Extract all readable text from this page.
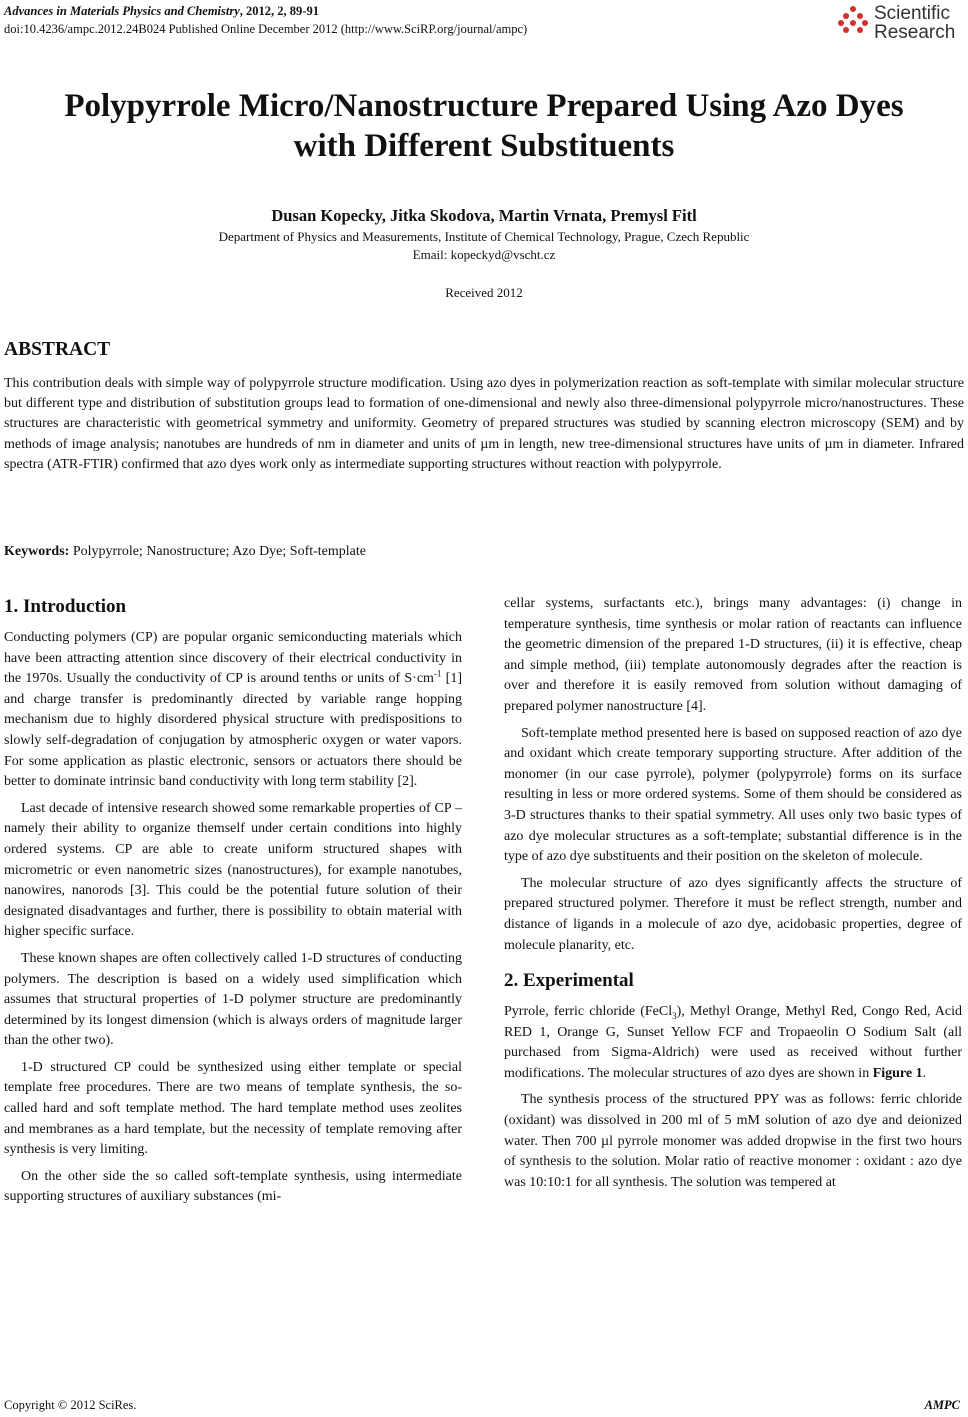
Advances in Materials Physics and Chemistry, 2012, 2, 89-91
doi:10.4236/ampc.2012.24B024 Published Online December 2012 (http://www.SciRP.org/journal/ampc)
Scientific
Research
Polypyrrole Micro/Nanostructure Prepared Using Azo Dyes
with Different Substituents
Dusan Kopecky, Jitka Skodova, Martin Vrnata, Premysl Fitl
Department of Physics and Measurements, Institute of Chemical Technology, Prague, Czech Republic
Email: kopeckyd@vscht.cz
Received 2012
ABSTRACT
This contribution deals with simple way of polypyrrole structure modification. Using azo dyes in polymerization reaction as soft-template with similar molecular structure but different type and distribution of substitution groups lead to formation of one-dimensional and newly also three-dimensional polypyrrole micro/nanostructures. These structures are characteristic with geometrical symmetry and uniformity. Geometry of prepared structures was studied by scanning electron microscopy (SEM) and by methods of image analysis; nanotubes are hundreds of nm in diameter and units of µm in length, new tree-dimensional structures have units of µm in diameter. Infrared spectra (ATR-FTIR) confirmed that azo dyes work only as intermediate supporting structures without reaction with polypyrrole.
Keywords: Polypyrrole; Nanostructure; Azo Dye; Soft-template
1. Introduction

Conducting polymers (CP) are popular organic semiconducting materials which have been attracting attention since discovery of their electrical conductivity in the 1970s. Usually the conductivity of CP is around tenths or units of $S\cdot cm^{-1}$ [1] and charge transfer is predominantly directed by variable range hopping mechanism due to highly disordered physical structure with predispositions to slowly self-degradation of conjugation by atmospheric oxygen or water vapors. For some application as plastic electronic, sensors or actuators there should be better to dominate intrinsic band conductivity with long term stability [2].

Last decade of intensive research showed some remarkable properties of CP – namely their ability to organize themself under certain conditions into highly ordered systems. CP are able to create uniform structured shapes with micrometric or even nanometric sizes (nanostructures), for example nanotubes, nanowires, nanorods [3]. This could be the potential future solution of their designated disadvantages and further, there is possibility to obtain material with higher specific surface.

These known shapes are often collectively called 1-D structures of conducting polymers. The description is based on a widely used simplification which assumes that structural properties of 1-D polymer structure are predominantly determined by its longest dimension (which is always orders of magnitude larger than the other two).

1-D structured CP could be synthesized using either template or special template free procedures. There are two means of template synthesis, the so-called hard and soft template method. The hard template method uses zeolites and membranes as a hard template, but the necessity of template removing after synthesis is very limiting.

On the other side the so called soft-template synthesis, using intermediate supporting structures of auxiliary substances (mi-

cellar systems, surfactants etc.), brings many advantages: (i) change in temperature synthesis, time synthesis or molar ration of reactants can influence the geometric dimension of the prepared 1-D structures, (ii) it is effective, cheap and simple method, (iii) template autonomously degrades after the reaction is over and therefore it is easily removed from solution without damaging of prepared polymer nanostructure [4].

Soft-template method presented here is based on supposed reaction of azo dye and oxidant which create temporary supporting structure. After addition of the monomer (in our case pyrrole), polymer (polypyrrole) forms on its surface resulting in less or more ordered systems. Some of them should be considered as 3-D structures thanks to their spatial symmetry. All uses only two basic types of azo dye molecular structures as a soft-template; substantial difference is in the type of azo dye substituents and their position on the skeleton of molecule.

The molecular structure of azo dyes significantly affects the structure of prepared structured polymer. Therefore it must be reflect strength, number and distance of ligands in a molecule of azo dye, acidobasic properties, degree of molecule planarity, etc.

2. Experimental

Pyrrole, ferric chloride (FeCl$_3$), Methyl Orange, Methyl Red, Congo Red, Acid RED 1, Orange G, Sunset Yellow FCF and Tropaeolin O Sodium Salt (all purchased from Sigma-Aldrich) were used as received without further modifications. The molecular structures of azo dyes are shown in Figure 1.

The synthesis process of the structured PPY was as follows: ferric chloride (oxidant) was dissolved in 200 ml of 5 mM solution of azo dye and deionized water. Then 700 µl pyrrole monomer was added dropwise in the first two hours of synthesis to the solution. Molar ratio of reactive monomer : oxidant : azo dye was 10:10:1 for all synthesis. The solution was tempered at

Copyright © 2012 SciRes.	AMPC
